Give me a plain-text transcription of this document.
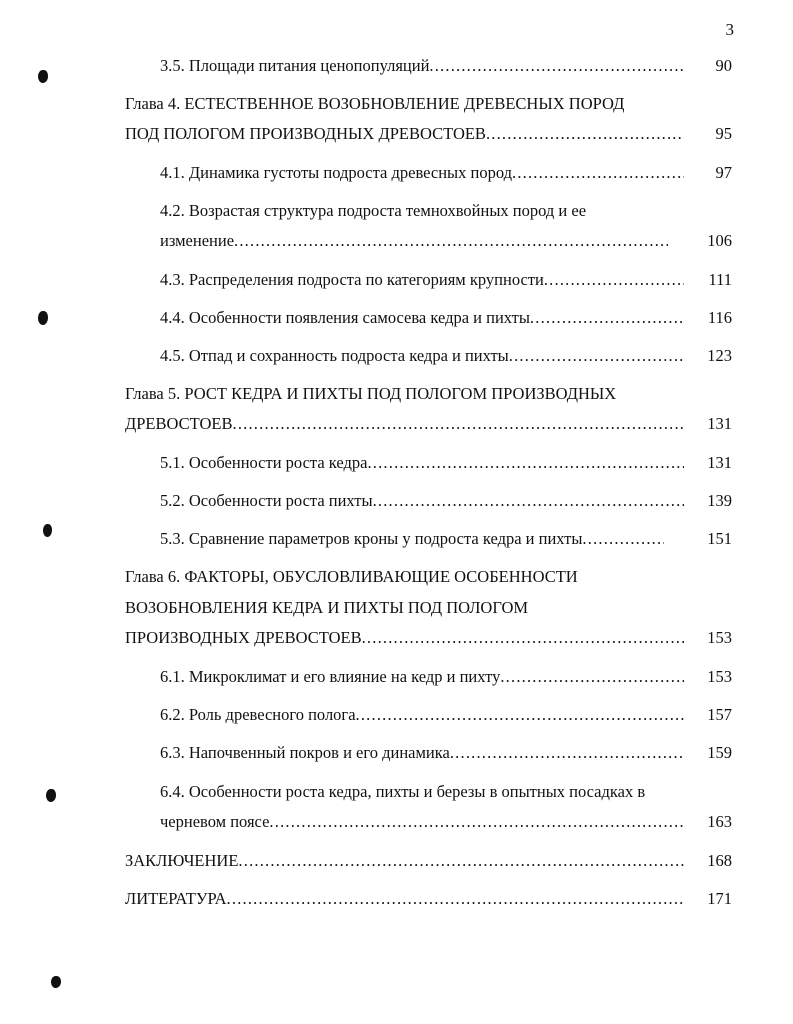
3
3.5. Площади питания ценопопуляций .....	90
Глава 4. ЕСТЕСТВЕННОЕ ВОЗОБНОВЛЕНИЕ ДРЕВЕСНЫХ ПОРОД
ПОД ПОЛОГОМ ПРОИЗВОДНЫХ ДРЕВОСТОЕВ .....	95
4.1. Динамика густоты подроста древесных пород .....	97
4.2. Возрастая структура подроста темнохвойных пород и ее
изменение .....	106
4.3. Распределения подроста по категориям крупности .....	111
4.4. Особенности появления самосева кедра и пихты .....	116
4.5. Отпад и сохранность подроста кедра и пихты .....	123
Глава 5. РОСТ КЕДРА И ПИХТЫ ПОД ПОЛОГОМ ПРОИЗВОДНЫХ
ДРЕВОСТОЕВ .....	131
5.1. Особенности роста кедра .....	131
5.2. Особенности роста пихты .....	139
5.3. Сравнение параметров кроны у подроста кедра и пихты .....	151
Глава 6. ФАКТОРЫ, ОБУСЛОВЛИВАЮЩИЕ ОСОБЕННОСТИ
ВОЗОБНОВЛЕНИЯ КЕДРА И ПИХТЫ ПОД ПОЛОГОМ
ПРОИЗВОДНЫХ ДРЕВОСТОЕВ .....	153
6.1. Микроклимат и его влияние на кедр и пихту .....	153
6.2. Роль древесного полога .....	157
6.3. Напочвенный покров и его динамика .....	159
6.4. Особенности роста кедра, пихты и березы в опытных посадках в
черневом поясе .....	163
ЗАКЛЮЧЕНИЕ .....	168
ЛИТЕРАТУРА .....	171
